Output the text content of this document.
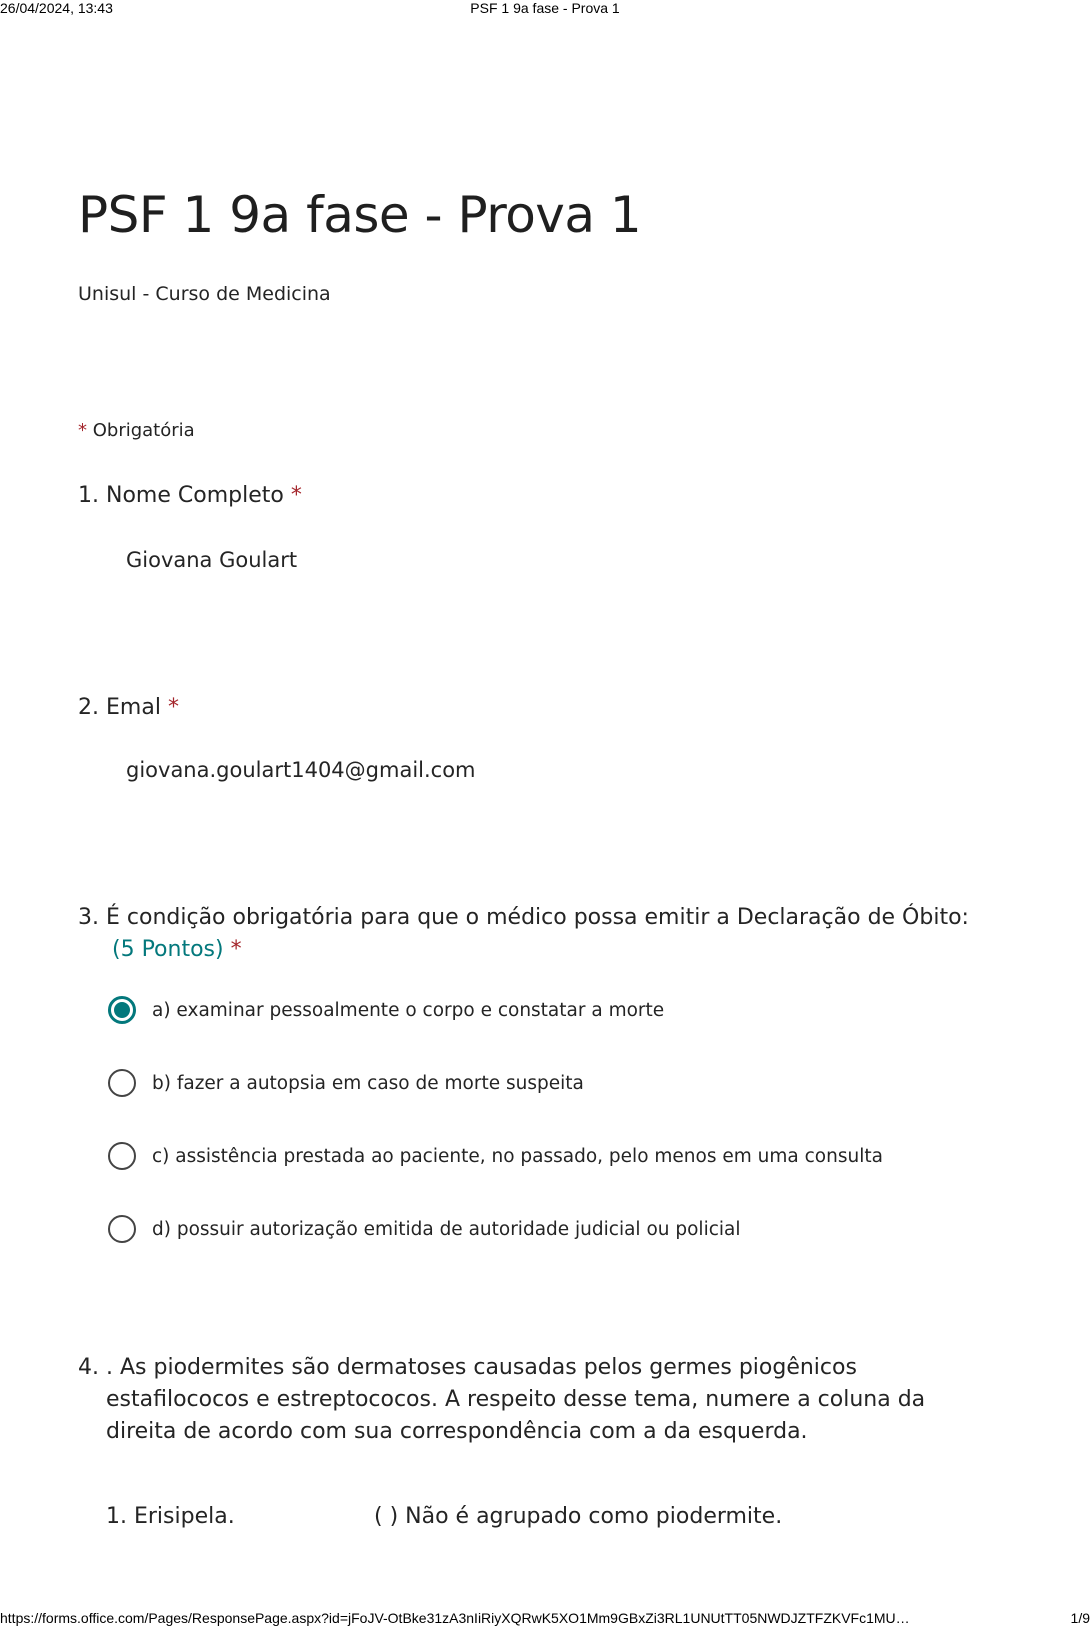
26/04/2024, 13:43	PSF 1 9a fase - Prova 1
PSF 1 9a fase - Prova 1
Unisul - Curso de Medicina
* Obrigatória
1. Nome Completo *
Giovana Goulart
2. Emal *
giovana.goulart1404@gmail.com
3. É condição obrigatória para que o médico possa emitir a Declaração de Óbito:
(5 Pontos) *
a) examinar pessoalmente o corpo e constatar a morte
b) fazer a autopsia em caso de morte suspeita
c) assistência prestada ao paciente, no passado, pelo menos em uma consulta
d) possuir autorização emitida de autoridade judicial ou policial
4. . As piodermites são dermatoses causadas pelos germes piogênicos estafilococos e estreptococos. A respeito desse tema, numere a coluna da direita de acordo com sua correspondência com a da esquerda.
1. Erisipela.	( ) Não é agrupado como piodermite.
https://forms.office.com/Pages/ResponsePage.aspx?id=jFoJV-OtBke31zA3nIiRiyXQRwK5XO1Mm9GBxZi3RL1UNUtTT05NWDJZTFZKVFc1MU…	1/9
